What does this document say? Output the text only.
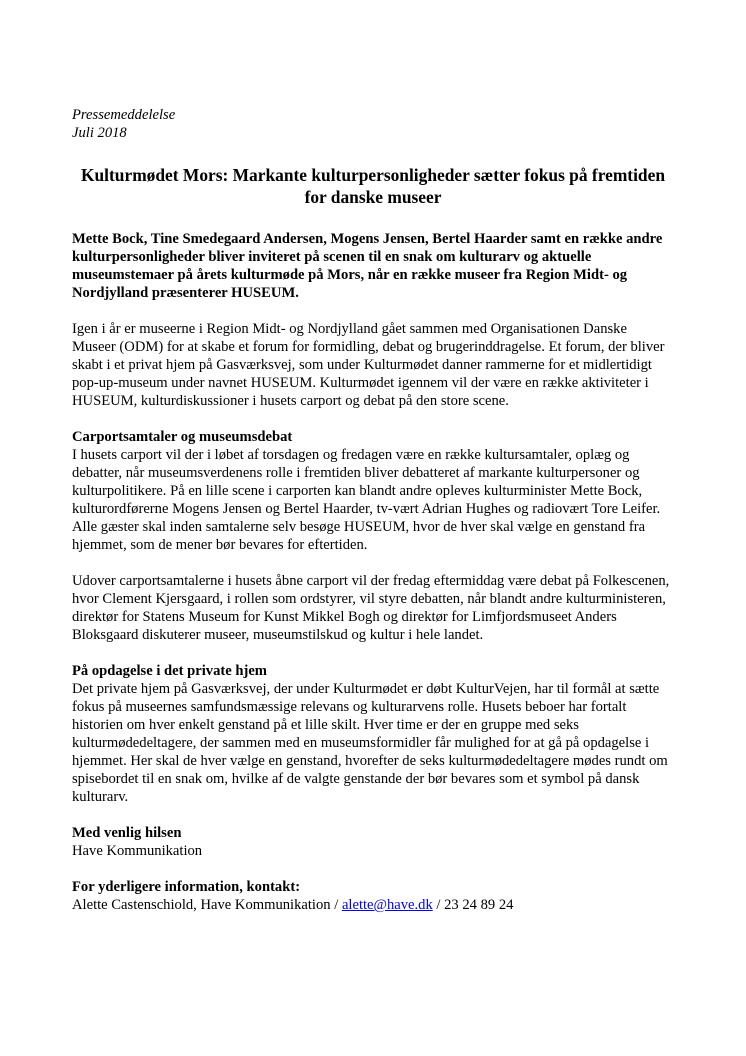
Pressemeddelelse

Juli 2018

Kulturmødet Mors: Markante kulturpersonligheder sætter fokus på fremtiden for danske museer

Mette Bock, Tine Smedegaard Andersen, Mogens Jensen, Bertel Haarder samt en række andre kulturpersonligheder bliver inviteret på scenen til en snak om kulturarv og aktuelle museumstemaer på årets kulturmøde på Mors, når en række museer fra Region Midt- og Nordjylland præsenterer HUSEUM.

Igen i år er museerne i Region Midt- og Nordjylland gået sammen med Organisationen Danske Museer (ODM) for at skabe et forum for formidling, debat og brugerinddragelse. Et forum, der bliver skabt i et privat hjem på Gasværksvej, som under Kulturmødet danner rammerne for et midlertidigt pop-up-museum under navnet HUSEUM. Kulturmødet igennem vil der være en række aktiviteter i HUSEUM, kulturdiskussioner i husets carport og debat på den store scene.

Carportsamtaler og museumsdebat

I husets carport vil der i løbet af torsdagen og fredagen være en række kultursamtaler, oplæg og debatter, når museumsverdenens rolle i fremtiden bliver debatteret af markante kulturpersoner og kulturpolitikere. På en lille scene i carporten kan blandt andre opleves kulturminister Mette Bock, kulturordførerne Mogens Jensen og Bertel Haarder, tv-vært Adrian Hughes og radiovært Tore Leifer. Alle gæster skal inden samtalerne selv besøge HUSEUM, hvor de hver skal vælge en genstand fra hjemmet, som de mener bør bevares for eftertiden.

Udover carportsamtalerne i husets åbne carport vil der fredag eftermiddag være debat på Folkescenen, hvor Clement Kjersgaard, i rollen som ordstyrer, vil styre debatten, når blandt andre kulturministeren, direktør for Statens Museum for Kunst Mikkel Bogh og direktør for Limfjordsmuseet Anders Bloksgaard diskuterer museer, museumstilskud og kultur i hele landet.

På opdagelse i det private hjem

Det private hjem på Gasværksvej, der under Kulturmødet er døbt KulturVejen, har til formål at sætte fokus på museernes samfundsmæssige relevans og kulturarvens rolle. Husets beboer har fortalt historien om hver enkelt genstand på et lille skilt. Hver time er der en gruppe med seks kulturmødedeltagere, der sammen med en museumsformidler får mulighed for at gå på opdagelse i hjemmet. Her skal de hver vælge en genstand, hvorefter de seks kulturmødedeltagere mødes rundt om spisebordet til en snak om, hvilke af de valgte genstande der bør bevares som et symbol på dansk kulturarv.

Med venlig hilsen

Have Kommunikation

For yderligere information, kontakt:

Alette Castenschiold, Have Kommunikation / alette@have.dk / 23 24 89 24
